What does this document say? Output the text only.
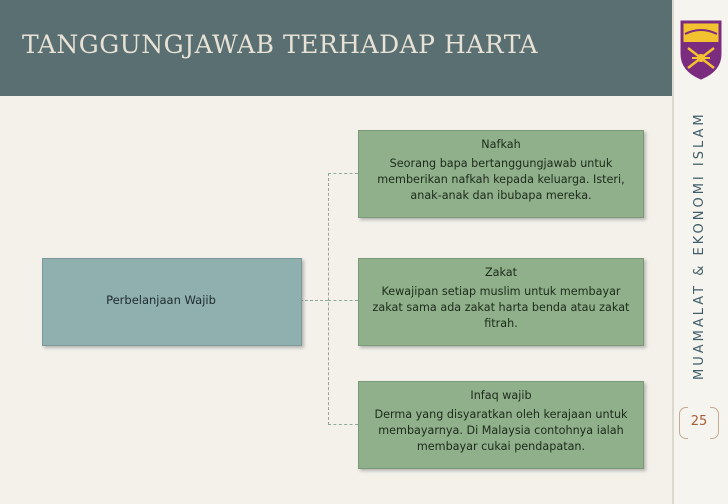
TANGGUNGJAWAB TERHADAP HARTA
MUAMALAT & EKONOMI ISLAM
25
Perbelanjaan Wajib
Nafkah
Seorang bapa bertanggungjawab untuk memberikan nafkah kepada keluarga. Isteri, anak-anak dan ibubapa mereka.
Zakat
Kewajipan setiap muslim untuk membayar zakat sama ada zakat harta benda atau zakat fitrah.
Infaq wajib
Derma yang disyaratkan oleh kerajaan untuk membayarnya. Di Malaysia contohnya ialah membayar cukai pendapatan.
